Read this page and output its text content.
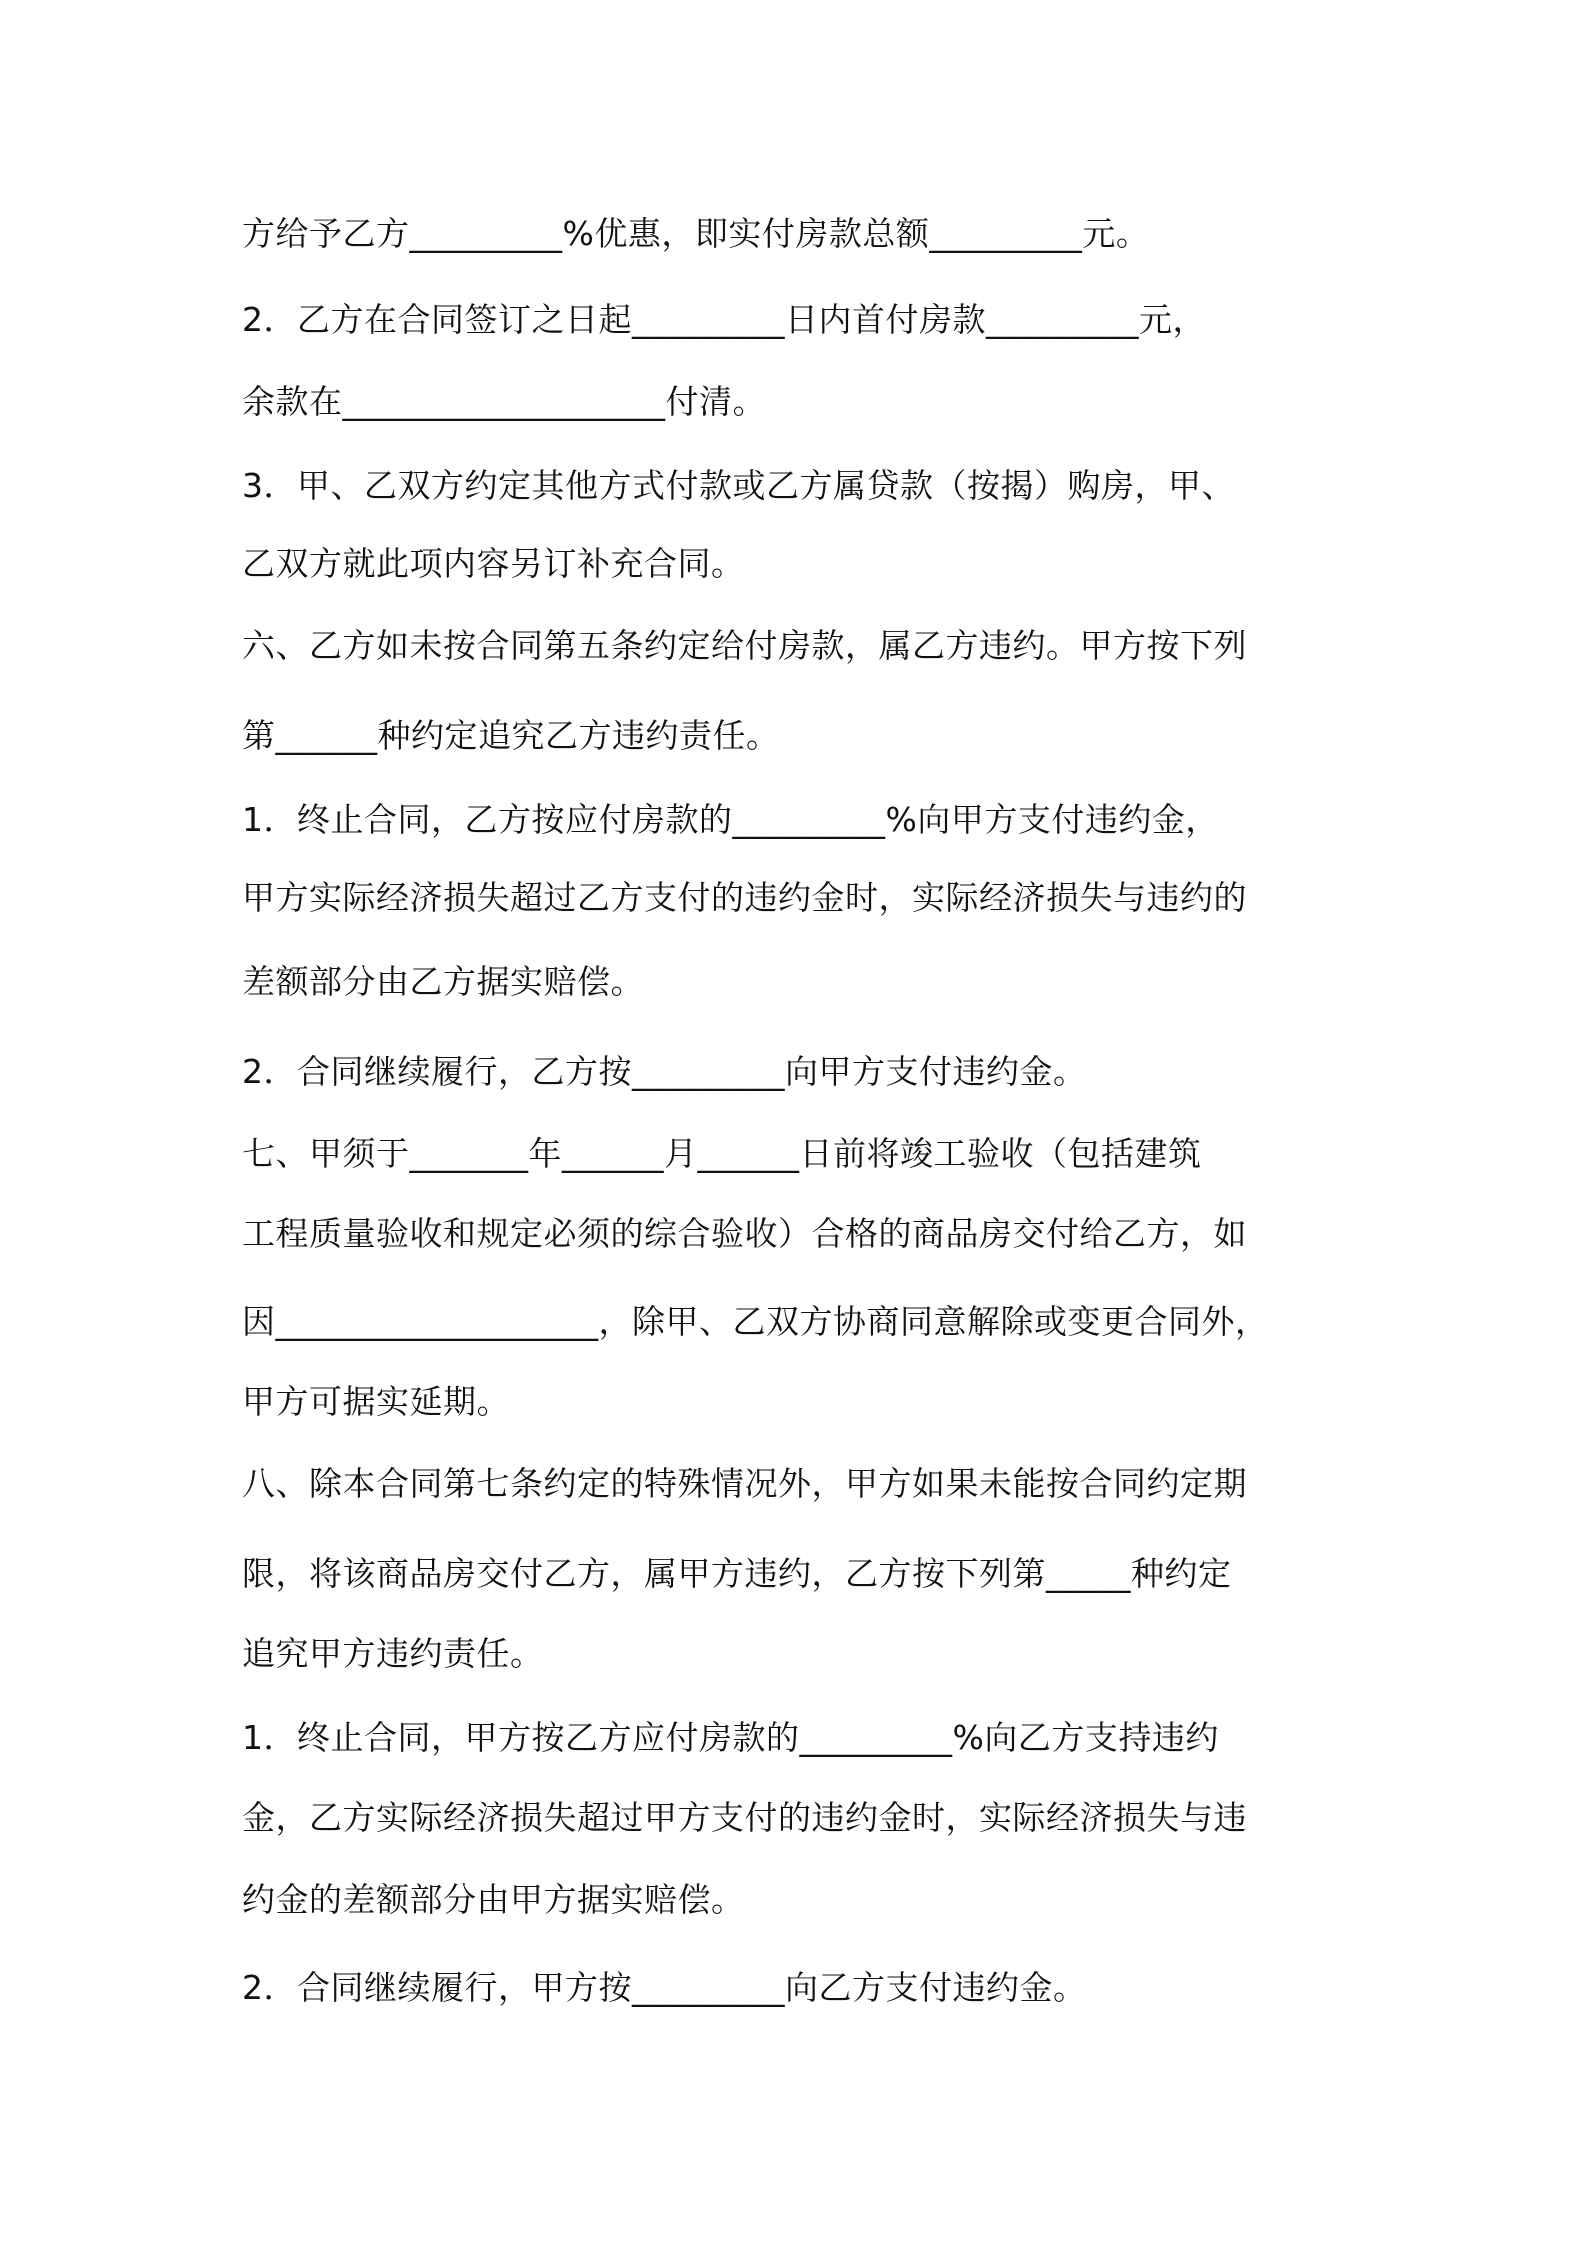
方给予乙方_________%优惠，即实付房款总额_________元。
2．乙方在合同签订之日起_________日内首付房款_________元，
余款在___________________付清。
3．甲、乙双方约定其他方式付款或乙方属贷款（按揭）购房，甲、
乙双方就此项内容另订补充合同。
六、乙方如未按合同第五条约定给付房款，属乙方违约。甲方按下列
第______种约定追究乙方违约责任。
1．终止合同，乙方按应付房款的_________%向甲方支付违约金，
甲方实际经济损失超过乙方支付的违约金时，实际经济损失与违约的
差额部分由乙方据实赔偿。
2．合同继续履行，乙方按_________向甲方支付违约金。
七、甲须于_______年______月______日前将竣工验收（包括建筑
工程质量验收和规定必须的综合验收）合格的商品房交付给乙方，如
因___________________，除甲、乙双方协商同意解除或变更合同外，
甲方可据实延期。
八、除本合同第七条约定的特殊情况外，甲方如果未能按合同约定期
限，将该商品房交付乙方，属甲方违约，乙方按下列第_____种约定
追究甲方违约责任。
1．终止合同，甲方按乙方应付房款的_________%向乙方支持违约
金，乙方实际经济损失超过甲方支付的违约金时，实际经济损失与违
约金的差额部分由甲方据实赔偿。
2．合同继续履行，甲方按_________向乙方支付违约金。
